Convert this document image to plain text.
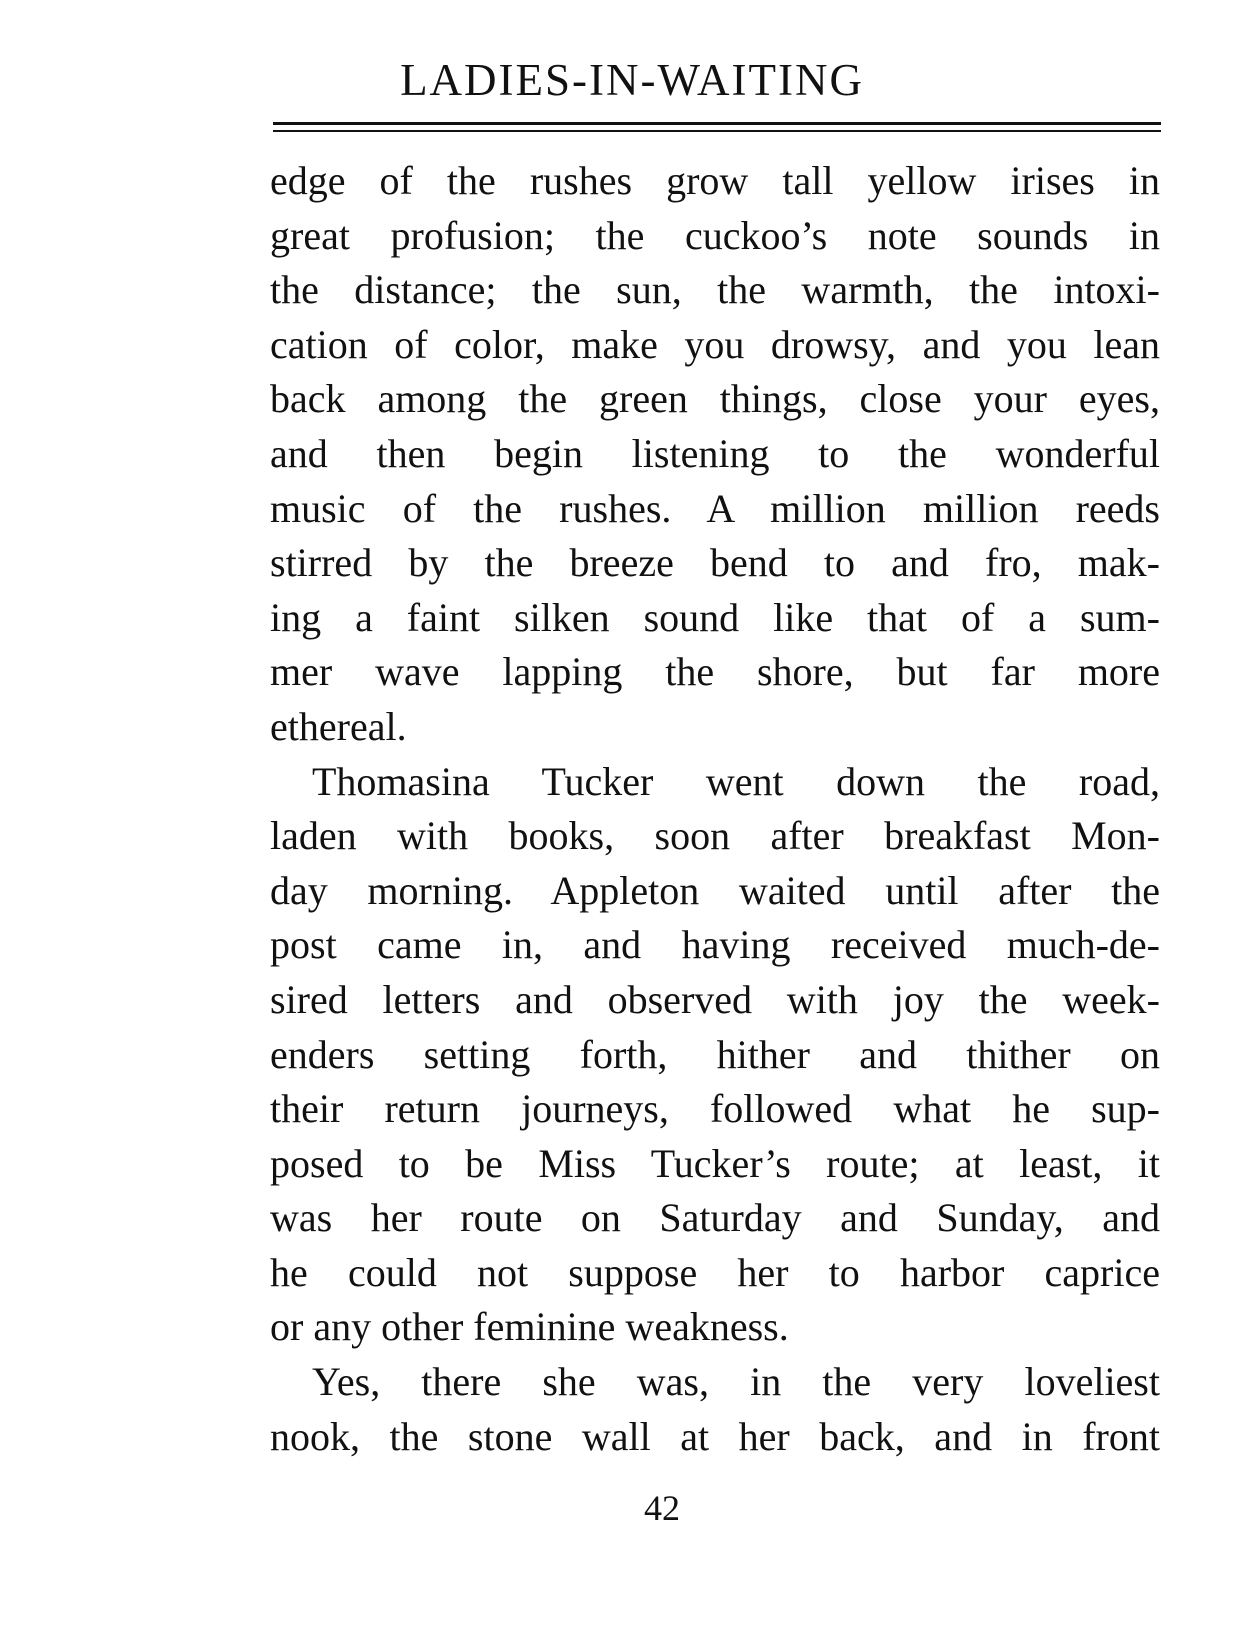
LADIES-IN-WAITING
edge of the rushes grow tall yellow irises in
great profusion; the cuckoo’s note sounds in
the distance; the sun, the warmth, the intoxi-
cation of color, make you drowsy, and you lean
back among the green things, close your eyes,
and then begin listening to the wonderful
music of the rushes. A million million reeds
stirred by the breeze bend to and fro, mak-
ing a faint silken sound like that of a sum-
mer wave lapping the shore, but far more
ethereal.
Thomasina Tucker went down the road,
laden with books, soon after breakfast Mon-
day morning. Appleton waited until after the
post came in, and having received much-de-
sired letters and observed with joy the week-
enders setting forth, hither and thither on
their return journeys, followed what he sup-
posed to be Miss Tucker’s route; at least, it
was her route on Saturday and Sunday, and
he could not suppose her to harbor caprice
or any other feminine weakness.
Yes, there she was, in the very loveliest
nook, the stone wall at her back, and in front
42
